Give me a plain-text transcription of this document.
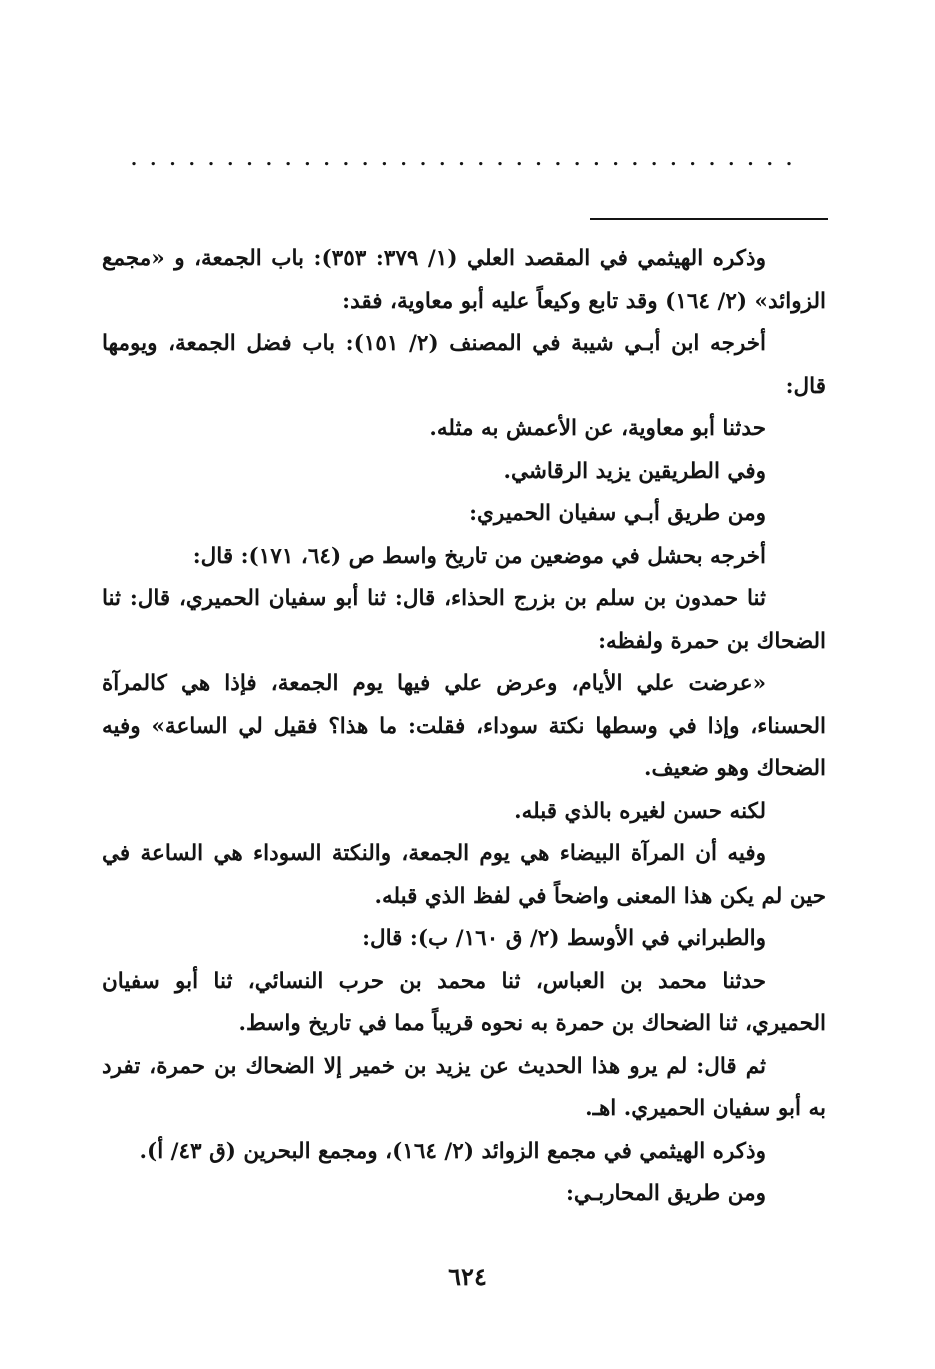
...................................

وذكره الهيثمي في المقصد العلي (١/ ٣٧٩: ٣٥٣): باب الجمعة، و «مجمع الزوائد» (٢/ ١٦٤) وقد تابع وكيعاً عليه أبو معاوية، فقد:

أخرجه ابن أبـي شيبة في المصنف (٢/ ١٥١): باب فضل الجمعة، ويومها قال:

حدثنا أبو معاوية، عن الأعمش به مثله.

وفي الطريقين يزيد الرقاشي.

ومن طريق أبـي سفيان الحميري:

أخرجه بحشل في موضعين من تاريخ واسط ص (٦٤، ١٧١): قال:

ثنا حمدون بن سلم بن بزرج الحذاء، قال: ثنا أبو سفيان الحميري، قال: ثنا الضحاك بن حمرة ولفظه:

«عرضت علي الأيام، وعرض علي فيها يوم الجمعة، فإذا هي كالمرآة الحسناء، وإذا في وسطها نكتة سوداء، فقلت: ما هذا؟ فقيل لي الساعة» وفيه الضحاك وهو ضعيف.

لكنه حسن لغيره بالذي قبله.

وفيه أن المرآة البيضاء هي يوم الجمعة، والنكتة السوداء هي الساعة في حين لم يكن هذا المعنى واضحاً في لفظ الذي قبله.

والطبراني في الأوسط (٢/ ق ١٦٠/ ب): قال:

حدثنا محمد بن العباس، ثنا محمد بن حرب النسائي، ثنا أبو سفيان الحميري، ثنا الضحاك بن حمرة به نحوه قريباً مما في تاريخ واسط.

ثم قال: لم يرو هذا الحديث عن يزيد بن خمير إلا الضحاك بن حمرة، تفرد به أبو سفيان الحميري. اهـ.

وذكره الهيثمي في مجمع الزوائد (٢/ ١٦٤)، ومجمع البحرين (ق ٤٣/ أ).

ومن طريق المحاربـي:

٦٢٤
